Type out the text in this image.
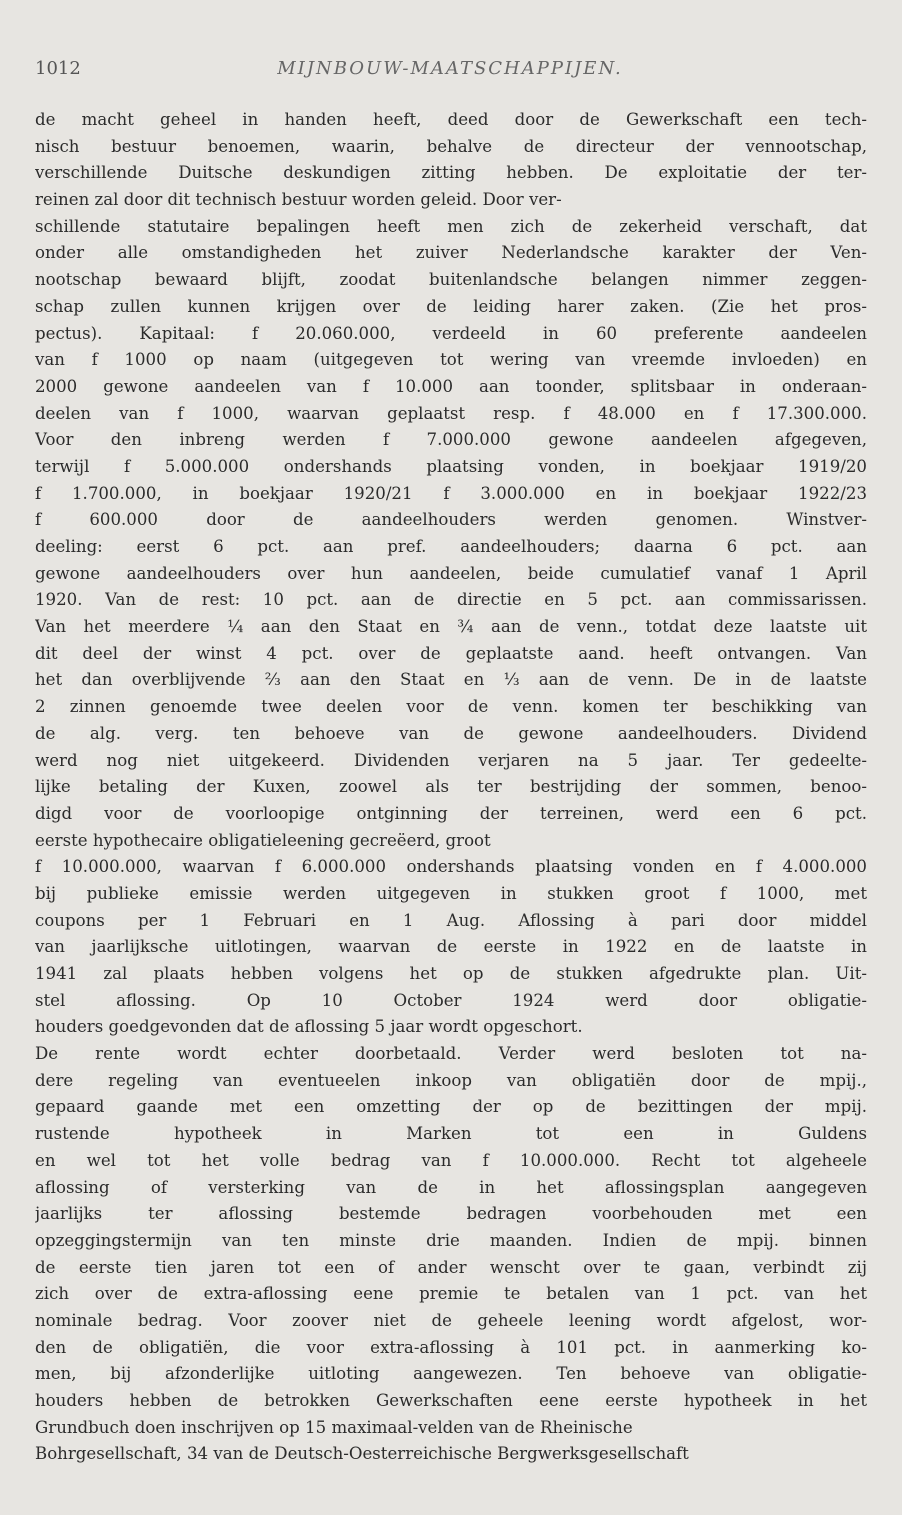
1012	MIJNBOUW-MAATSCHAPPIJEN.
de macht geheel in handen heeft, deed door de Gewerkschaft een tech-
nisch bestuur benoemen, waarin, behalve de directeur der vennootschap,
verschillende Duitsche deskundigen zitting hebben. De exploitatie der ter-
reinen zal door dit technisch bestuur worden geleid. Door ver-
schillende statutaire bepalingen heeft men zich de zekerheid verschaft, dat
onder alle omstandigheden het zuiver Nederlandsche karakter der Ven-
nootschap bewaard blijft, zoodat buitenlandsche belangen nimmer zeggen-
schap zullen kunnen krijgen over de leiding harer zaken. (Zie het pros-
pectus). Kapitaal: f 20.060.000, verdeeld in 60 preferente aandeelen
van f 1000 op naam (uitgegeven tot wering van vreemde invloeden) en
2000 gewone aandeelen van f 10.000 aan toonder, splitsbaar in onderaan-
deelen van f 1000, waarvan geplaatst resp. f 48.000 en f 17.300.000.
Voor den inbreng werden f 7.000.000 gewone aandeelen afgegeven,
terwijl f 5.000.000 ondershands plaatsing vonden, in boekjaar 1919/20
f 1.700.000, in boekjaar 1920/21 f 3.000.000 en in boekjaar 1922/23
f 600.000 door de aandeelhouders werden genomen. Winstver-
deeling: eerst 6 pct. aan pref. aandeelhouders; daarna 6 pct. aan
gewone aandeelhouders over hun aandeelen, beide cumulatief vanaf 1 April
1920. Van de rest: 10 pct. aan de directie en 5 pct. aan commissarissen.
Van het meerdere ¼ aan den Staat en ¾ aan de venn., totdat deze laatste uit
dit deel der winst 4 pct. over de geplaatste aand. heeft ontvangen. Van
het dan overblijvende ⅔ aan den Staat en ⅓ aan de venn. De in de laatste
2 zinnen genoemde twee deelen voor de venn. komen ter beschikking van
de alg. verg. ten behoeve van de gewone aandeelhouders. Dividend
werd nog niet uitgekeerd. Dividenden verjaren na 5 jaar. Ter gedeelte-
lijke betaling der Kuxen, zoowel als ter bestrijding der sommen, benoo-
digd voor de voorloopige ontginning der terreinen, werd een 6 pct.
eerste hypothecaire obligatieleening gecreëerd, groot
f 10.000.000, waarvan f 6.000.000 ondershands plaatsing vonden en f 4.000.000
bij publieke emissie werden uitgegeven in stukken groot f 1000, met
coupons per 1 Februari en 1 Aug. Aflossing à pari door middel
van jaarlijksche uitlotingen, waarvan de eerste in 1922 en de laatste in
1941 zal plaats hebben volgens het op de stukken afgedrukte plan. Uit-
stel aflossing. Op 10 October 1924 werd door obligatie-
houders goedgevonden dat de aflossing 5 jaar wordt opgeschort.
De rente wordt echter doorbetaald. Verder werd besloten tot na-
dere regeling van eventueelen inkoop van obligatiën door de mpij.,
gepaard gaande met een omzetting der op de bezittingen der mpij.
rustende hypotheek in Marken tot een in Guldens
en wel tot het volle bedrag van f 10.000.000. Recht tot algeheele
aflossing of versterking van de in het aflossingsplan aangegeven
jaarlijks ter aflossing bestemde bedragen voorbehouden met een
opzeggingstermijn van ten minste drie maanden. Indien de mpij. binnen
de eerste tien jaren tot een of ander wenscht over te gaan, verbindt zij
zich over de extra-aflossing eene premie te betalen van 1 pct. van het
nominale bedrag. Voor zoover niet de geheele leening wordt afgelost, wor-
den de obligatiën, die voor extra-aflossing à 101 pct. in aanmerking ko-
men, bij afzonderlijke uitloting aangewezen. Ten behoeve van obligatie-
houders hebben de betrokken Gewerkschaften eene eerste hypotheek in het
Grundbuch doen inschrijven op 15 maximaal-velden van de Rheinische
Bohrgesellschaft, 34 van de Deutsch-Oesterreichische Bergwerksgesellschaft
